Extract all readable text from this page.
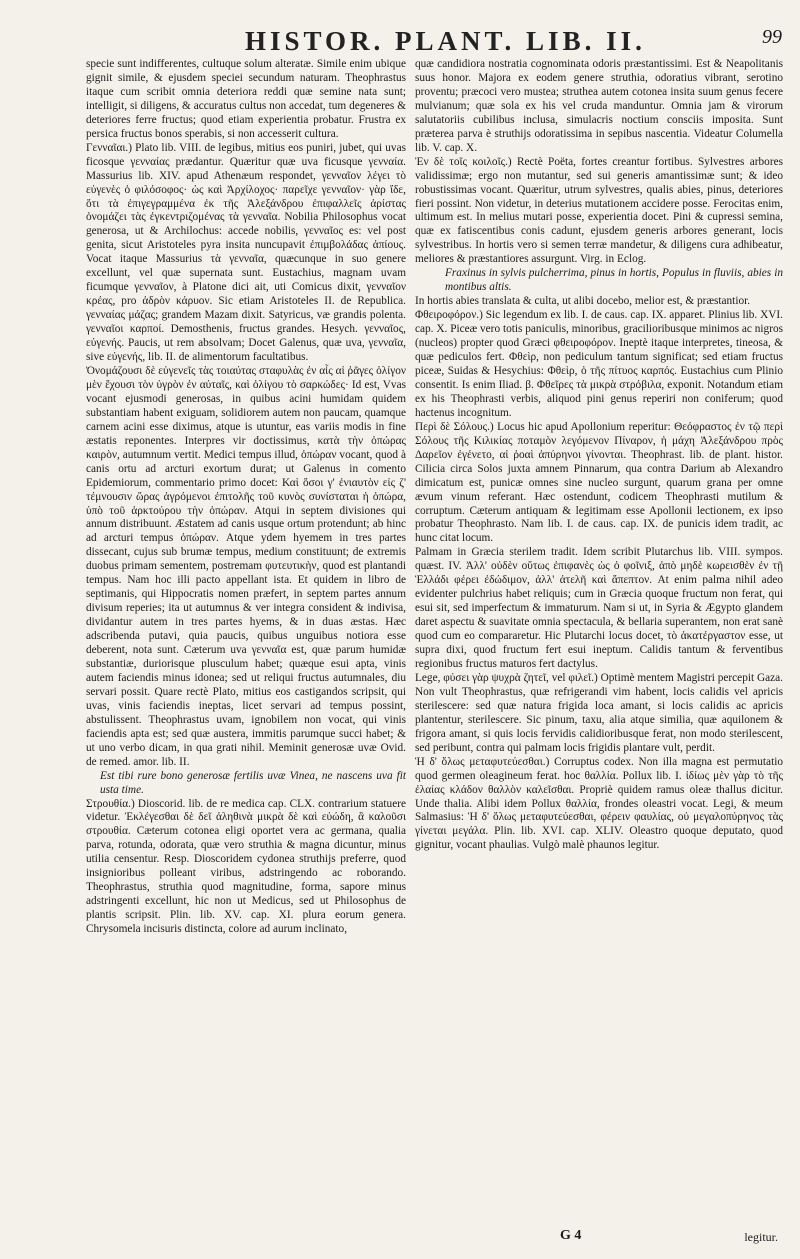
HISTOR. PLANT. LIB. II.	99

specie sunt indifferentes, cultuque solum alteratæ. Simile enim ubique gignit simile, & ejusdem speciei secundum naturam. Theophrastus itaque cum scribit omnia deteriora reddi quæ semine nata sunt; intelligit, si diligens, & accuratus cultus non accedat, tum degeneres & deteriores ferre fructus; quod etiam experientia probatur. Frustra ex persica fructus bonos sperabis, si non accesserit cultura.

Γενναῖαι.) Plato lib. VIII. de legibus, mitius eos puniri, jubet, qui uvas ficosque γενναίας prædantur. Quæritur quæ uva ficusque γενναία. Massurius lib. XIV. apud Athenæum respondet, γενναῖον λέγει τὸ εὐγενὲς ὁ φιλόσοφος· ὡς καὶ Ἀρχίλοχος· παρεῖχε γενναῖον· γὰρ ἴδε, ὅτι τὰ ἐπιγεγραμμένα ἐκ τῆς Ἀλεξάνδρου ἐπιφαλλεῖς ἀρίστας ὀνομάζει τὰς ἐγκεντριζομένας τὰ γενναῖα. Nobilia Philosophus vocat generosa, ut & Archilochus: accede nobilis, γενναῖος es: vel post genita, sicut Aristoteles pyra insita nuncupavit ἐπιμβολάδας ἀπίους. Vocat itaque Massurius τὰ γενναῖα, quæcunque in suo genere excellunt, vel quæ supernata sunt. Eustachius, magnam uvam ficumque γενναῖον, à Platone dici ait, uti Comicus dixit, γενναῖον κρέας, pro ἀδρὸν κάρυον. Sic etiam Aristoteles II. de Republica. γενναίας μάζας; grandem Mazam dixit. Satyricus, væ grandis polenta. γενναῖοι καρποί. Demosthenis, fructus grandes. Hesych. γενναῖος, εὐγενής. Paucis, ut rem absolvam; Docet Galenus, quæ uva, γενναῖα, sive εὐγενής, lib. II. de alimentorum facultatibus.

Ὀνομάζουσι δὲ εὐγενεῖς τὰς τοιαύτας σταφυλὰς ἐν αἷς αἱ ῥᾶγες ὀλίγον μὲν ἔχουσι τὸν ὑγρὸν ἐν αὐταῖς, καὶ ὀλίγου τὸ σαρκώδες· Id est, Vvas vocant ejusmodi generosas, in quibus acini humidam quidem substantiam habent exiguam, solidiorem autem non paucam, quamque carnem acini esse diximus, atque is utuntur, eas variis modis in fine æstatis reponentes. Interpres vir doctissimus, κατὰ τὴν ὀπώρας καιρὸν, autumnum vertit. Medici tempus illud, ὀπώραν vocant, quod à canis ortu ad arcturi exortum durat; ut Galenus in comento Epidemiorum, commentario primo docet: Καὶ ὅσοι γ' ἐνιαυτὸν εἰς ζ' τέμνουσιν ὥρας ἀγρόμενοι ἐπιτολῆς τοῦ κυνὸς συνίσταται ἡ ὀπώρα, ὑπὸ τοῦ ἀρκτούρου τὴν ὀπώραν. Atqui in septem divisiones qui annum distribuunt. Æstatem ad canis usque ortum protendunt; ab hinc ad arcturi tempus ὀπώραν. Atque ydem hyemem in tres partes dissecant, cujus sub brumæ tempus, medium constituunt; de extremis duobus primam sementem, postremam φυτευτικὴν, quod est plantandi tempus. Nam hoc illi pacto appellant ista. Et quidem in libro de septimanis, qui Hippocratis nomen præfert, in septem partes annum divisum reperies; ita ut autumnus & ver integra consident & indivisa, dividantur autem in tres partes hyems, & in duas æstas. Hæc adscribenda putavi, quia paucis, quibus unguibus notiora esse deberent, nota sunt. Cæterum uva γενναῖα est, quæ parum humidæ substantiæ, duriorisque plusculum habet; quæque esui apta, vinis autem faciendis minus idonea; sed ut reliqui fructus autumnales, diu servari possit. Quare rectè Plato, mitius eos castigandos scripsit, qui uvas, vinis faciendis ineptas, licet servari ad tempus possint, abstulissent. Theophrastus uvam, ignobilem non vocat, qui vinis faciendis apta est; sed quæ austera, immitis parumque succi habet; & ut uno verbo dicam, in qua grati nihil. Meminit generosæ uvæ Ovid. de remed. amor. lib. II.

Est tibi rure bono generosæ fertilis uvæ Vinea, ne nascens uva fit usta time.

Στρουθία.) Dioscorid. lib. de re medica cap. CLX. contrarium statuere videtur. Ἐκλέγεσθαι δὲ δεῖ ἀληθινὰ μικρὰ δὲ καὶ εὐώδη, ἃ καλοῦσι στρουθία. Cæterum cotonea eligi oportet vera ac germana, qualia parva, rotunda, odorata, quæ vero struthia & magna dicuntur, minus utilia censentur. Resp. Dioscoridem cydonea struthijs preferre, quod insignioribus polleant viribus, adstringendo ac roborando. Theophrastus, struthia quod magnitudine, forma, sapore minus adstringenti excellunt, hic non ut Medicus, sed ut Philosophus de plantis scripsit. Plin. lib. XV. cap. XI. plura eorum genera. Chrysomela incisuris distincta, colore ad aurum inclinato,

quæ candidiora nostratia cognominata odoris præstantissimi. Est & Neapolitanis suus honor. Majora ex eodem genere struthia, odoratius vibrant, serotino proventu; præcoci vero mustea; struthea autem cotonea insita suum genus fecere mulvianum; quæ sola ex his vel cruda manduntur. Omnia jam & virorum salutatoriis cubilibus inclusa, simulacris noctium consciis imposita. Sunt præterea parva è struthijs odoratissima in sepibus nascentia. Videatur Columella lib. V. cap. X.

Ἐν δὲ τοῖς κοιλοῖς.) Rectè Poëta, fortes creantur fortibus. Sylvestres arbores validissimæ; ergo non mutantur, sed sui generis amantissimæ sunt; & ideo robustissimas vocant. Quæritur, utrum sylvestres, qualis abies, pinus, deteriores fieri possint. Non videtur, in deterius mutationem accidere posse. Ferocitas enim, ultimum est. In melius mutari posse, experientia docet. Pini & cupressi semina, quæ ex fatiscentibus conis cadunt, ejusdem generis arbores generant, locis sylvestribus. In hortis vero si semen terræ mandetur, & diligens cura adhibeatur, meliores & præstantiores assurgunt. Virg. in Eclog.

Fraxinus in sylvis pulcherrima, pinus in hortis, Populus in fluviis, abies in montibus altis.

In hortis abies translata & culta, ut alibi docebo, melior est, & præstantior.

Φθειροφόρον.) Sic legendum ex lib. I. de caus. cap. IX. apparet. Plinius lib. XVI. cap. X. Piceæ vero totis paniculis, minoribus, gracilioribusque minimos ac nigros (nucleos) propter quod Græci φθειροφόρον. Ineptè itaque interpretes, tineosa, & quæ pediculos fert. Φθεὶρ, non pediculum tantum significat; sed etiam fructus piceæ, Suidas & Hesychius: Φθεὶρ, ὁ τῆς πίτυος καρπός. Eustachius cum Plinio consentit. Is enim Iliad. β. Φθεῖρες τὰ μικρὰ στρόβιλα, exponit. Notandum etiam ex his Theophrasti verbis, aliquod pini genus reperiri non coniferum; quod hactenus incognitum.

Περὶ δὲ Σόλους.) Locus hic apud Apollonium reperitur: Θεόφραστος ἐν τῷ περὶ Σόλους τῆς Κιλικίας ποταμὸν λεγόμενον Πίναρον, ἡ μάχη Ἀλεξάνδρου πρὸς Δαρεῖον ἐγένετο, αἱ ῥοαὶ ἀπύρηνοι γίνονται. Theophrast. lib. de plant. histor. Cilicia circa Solos juxta amnem Pinnarum, qua contra Darium ab Alexandro dimicatum est, punicæ omnes sine nucleo surgunt, quarum grana per omne ævum vinum referant. Hæc ostendunt, codicem Theophrasti mutilum & corruptum. Cæterum antiquam & legitimam esse Apollonii lectionem, ex ipso probatur Theophrasto. Nam lib. I. de caus. cap. IX. de punicis idem tradit, ac hunc citat locum.

Palmam in Græcia sterilem tradit. Idem scribit Plutarchus lib. VIII. sympos. quæst. IV. Ἀλλ' οὐδὲν οὕτως ἐπιφανὲς ὡς ὁ φοῖνιξ, ἀπὸ μηδὲ κωρεισθὲν ἐν τῇ Ἑλλάδι φέρει ἐδώδιμον, ἀλλ' ἀτελῆ καὶ ἄπεπτον. At enim palma nihil adeo evidenter pulchrius habet reliquis; cum in Græcia quoque fructum non ferat, qui esui sit, sed imperfectum & immaturum. Nam si ut, in Syria & Ægypto glandem daret aspectu & suavitate omnia spectacula, & bellaria superantem, non erat sanè quod cum eo compararetur. Hic Plutarchi locus docet, τὸ ἀκατέργαστον esse, ut supra dixi, quod fructum fert esui ineptum. Calidis tantum & ferventibus regionibus fructus maturos fert dactylus.

Lege, φύσει γὰρ ψυχρὰ ζητεῖ, vel φιλεῖ.) Optimè mentem Magistri percepit Gaza. Non vult Theophrastus, quæ refrigerandi vim habent, locis calidis vel apricis sterilescere: sed quæ natura frigida loca amant, si locis calidis ac apricis plantentur, sterilescere. Sic pinum, taxu, alia atque similia, quæ aquilonem & frigora amant, si quis locis fervidis calidioribusque ferat, non modo sterilescent, sed peribunt, contra qui palmam locis frigidis plantare vult, perdit.

Ἡ δ' ὅλως μεταφυτεύεσθαι.) Corruptus codex. Non illa magna est permutatio quod germen oleagineum ferat. hoc θαλλία. Pollux lib. I. ἰδίως μὲν γὰρ τὸ τῆς ἐλαίας κλάδον θαλλὸν καλεῖσθαι. Propriè quidem ramus oleæ thallus dicitur. Unde thalia. Alibi idem Pollux θαλλία, frondes oleastri vocat. Legi, & meum Salmasius: Ἡ δ' ὅλως μεταφυτεύεσθαι, φέρειν φαυλίας, οὐ μεγαλοπύρηνος τὰς γίνεται μεγάλα. Plin. lib. XVI. cap. XLIV. Oleastro quoque deputato, quod gignitur, vocant phaulias. Vulgò malè phaunos legitur.

G 4	legitur.
